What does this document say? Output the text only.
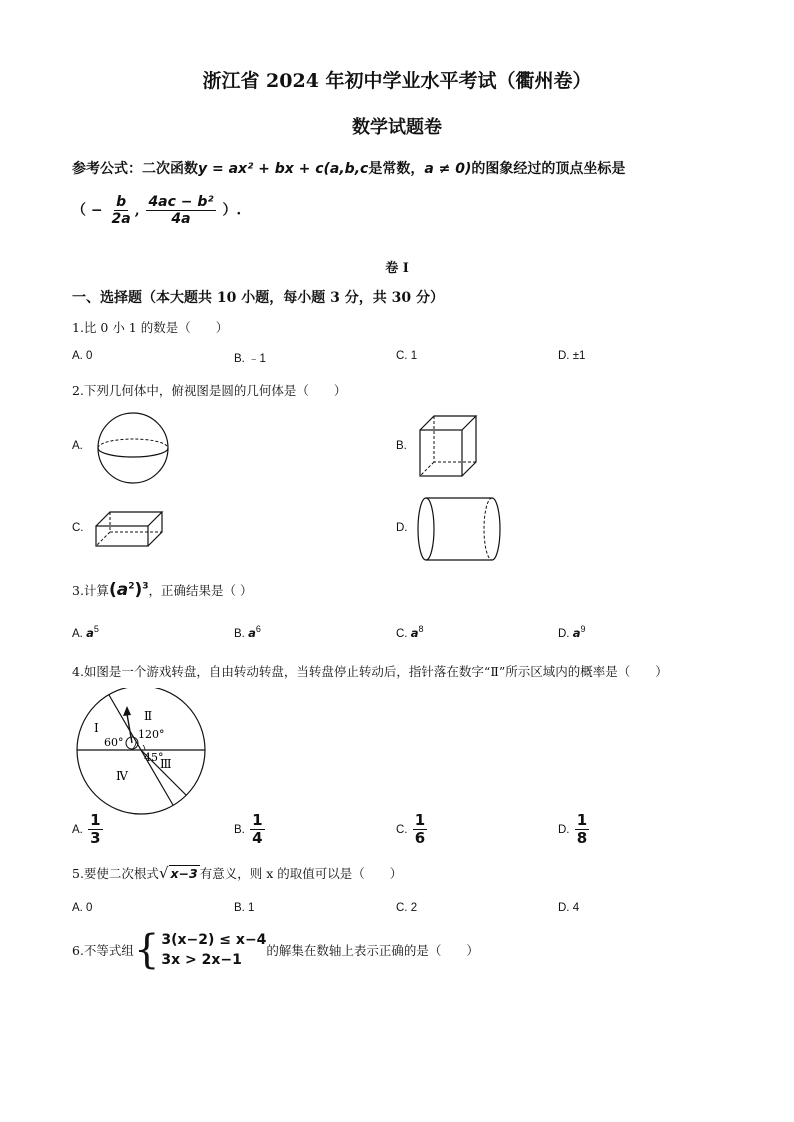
浙江省 2024 年初中学业水平考试（衢州卷）
数学试题卷
参考公式：二次函数y = ax² + bx + c(a,b,c是常数，a ≠ 0)的图象经过的顶点坐标是
（ − $\frac{b}{2a}$ , $\frac{\text{4ac − b²}}{4a}$ ）.
卷 I
一、选择题（本大题共 10 小题，每小题 3 分，共 30 分）
1.比 0 小 1 的数是（　　）
A. 0	B. ﹣1	C. 1	D. ±1
2.下列几何体中，俯视图是圆的几何体是（　　）
A.	B.
C.	D.
3.计算$(a^2)^3$，正确结果是（ ）
A. $a^5$	B. $a^6$	C. $a^8$	D. $a^9$
4.如图是一个游戏转盘，自由转动转盘，当转盘停止转动后，指针落在数字“Ⅱ”所示区域内的概率是（　　）
Ⅰ
Ⅱ
Ⅲ
Ⅳ
60°
120°
45°
A. $\frac{1}{3}$	B. $\frac{1}{4}$	C. $\frac{1}{6}$	D. $\frac{1}{8}$
5.要使二次根式√ x−3 有意义，则 x 的取值可以是（　　）
A. 0	B. 1	C. 2	D. 4
6.不等式组 { 3(x−2) ≤ x−4
3x > 2x−1
的解集在数轴上表示正确的是（　　）
